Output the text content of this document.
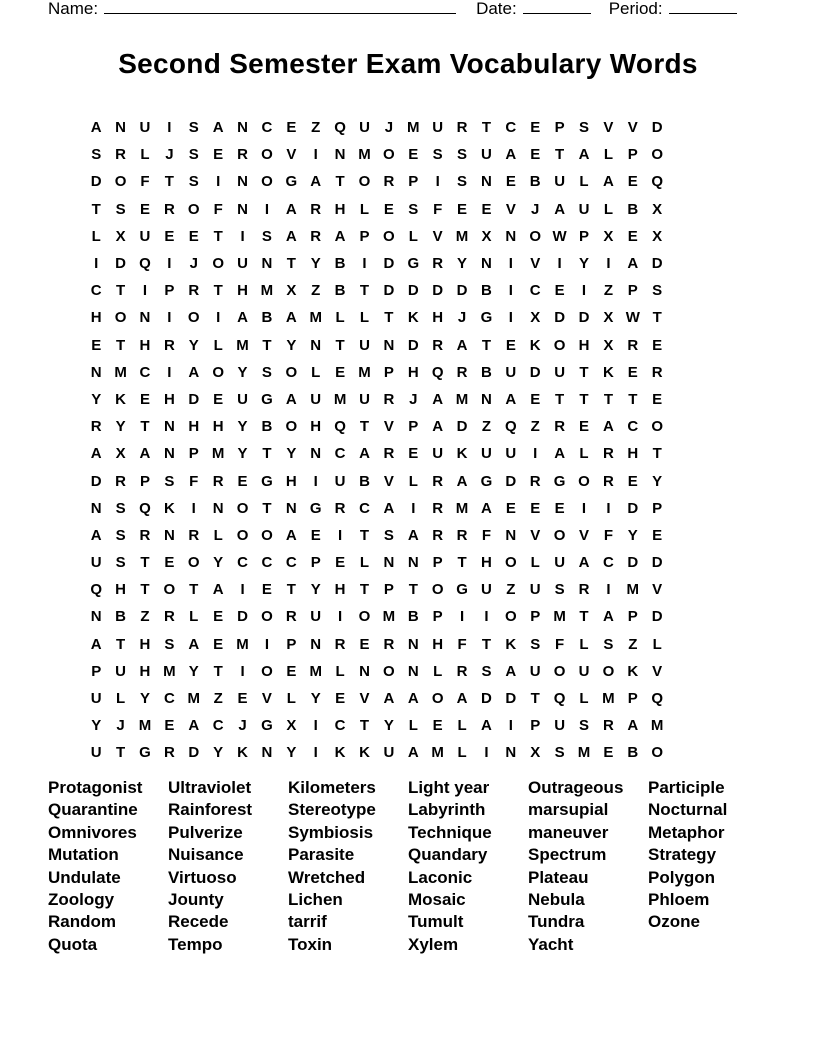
Name:	Date:	Period:
Second Semester Exam Vocabulary Words
A N U	I	S A N C E Z Q U J M U R T C E P S V V D
S R L	J	S E R O V	I	N M O E S S U A E T A L P O
D O F	T S	I	N O G A T O R P	I	S N E B U L A E Q
T S E R O F N	I	A R H L E S F E E V	J A U L B X
L X U E E T	I	S A R A P O L V M X N O W P X E X
I	D Q	I	J O U N T Y B	I	D G R Y N	I	V	I	Y	I	A D
C T	I	P R T H M X Z B T D D D D B	I	C E	I	Z P S
H O N	I	O	I	A B A M L	L	T K H J G	I	X D D X W T
E T H R Y L M T Y N T U N D R A T E K O H X R E
N M C	I	A O Y S O L E M P H Q R B U D U T K E R
Y K E H D E U G A U M U R J A M N A E T	T	T	T E
R Y T N H H Y B O H Q T V P A D Z Q Z R E A C O
A X A N P M Y T Y N C A R E U K U U	I	A L R H T
D R P S F R E G H	I	U B V L R A G D R G O R E Y
N S Q K	I	N O T N G R C A	I	R M A E E E	I	I	D P
A S R N R L O O A E	I	T S A R R F N V O V F Y E
U S T E O Y C C C P E L N N P T H O L U A C D D
Q H T O T A	I	E T Y H T P T O G U Z U S R	I	M V
N B Z R L E D O R U	I	O M B P	I	I	O P M T A P D
A T H S A E M	I	P N R E R N H F	T K S F	L S Z	L
P U H M Y T	I	O E M L N O N L R S A U O U O K V
U L Y C M Z E V L Y E V A A O A D D T Q L M P Q
Y	J M E A C J G X	I	C T Y L E L A	I	P U S R A M
U T G R D Y K N Y	I	K K U A M L	I	N X S M E B O
Protagonist
Quarantine
Omnivores
Mutation
Undulate
Zoology
Random
Quota
Ultraviolet
Rainforest
Pulverize
Nuisance
Virtuoso
Jounty
Recede
Tempo
Kilometers
Stereotype
Symbiosis
Parasite
Wretched
Lichen
tarrif
Toxin
Light year
Labyrinth
Technique
Quandary
Laconic
Mosaic
Tumult
Xylem
Outrageous
marsupial
maneuver
Spectrum
Plateau
Nebula
Tundra
Yacht
Participle
Nocturnal
Metaphor
Strategy
Polygon
Phloem
Ozone
